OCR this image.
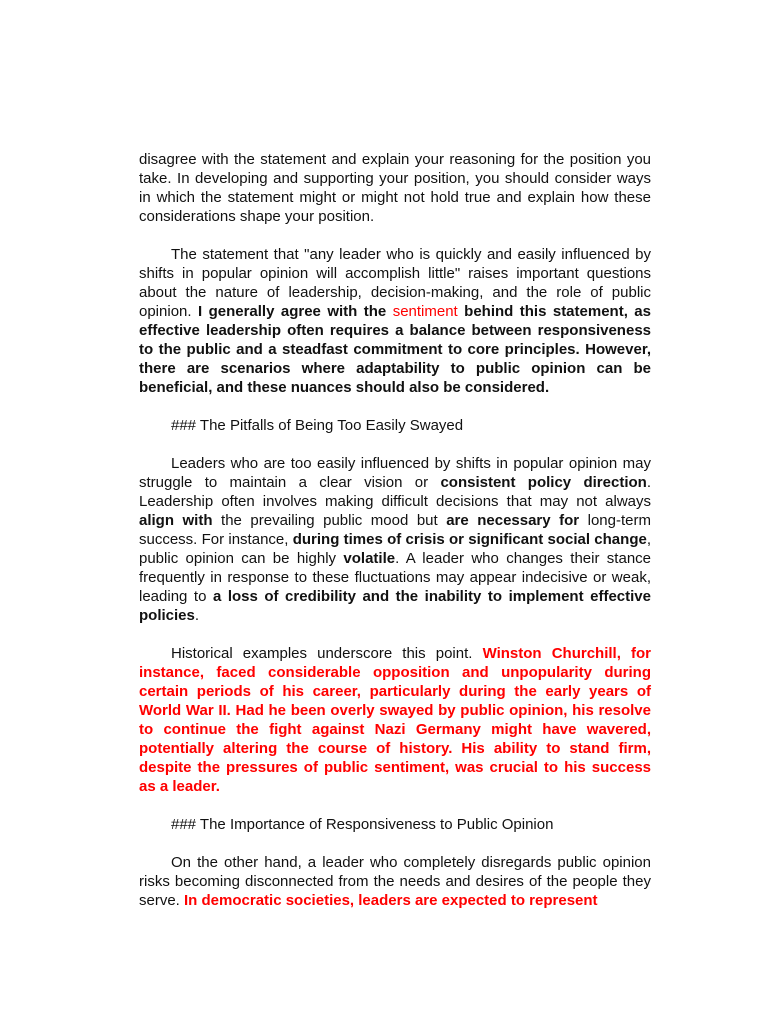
disagree with the statement and explain your reasoning for the position you take. In developing and supporting your position, you should consider ways in which the statement might or might not hold true and explain how these considerations shape your position.

The statement that "any leader who is quickly and easily influenced by shifts in popular opinion will accomplish little" raises important questions about the nature of leadership, decision-making, and the role of public opinion. I generally agree with the sentiment behind this statement, as effective leadership often requires a balance between responsiveness to the public and a steadfast commitment to core principles. However, there are scenarios where adaptability to public opinion can be beneficial, and these nuances should also be considered.

### The Pitfalls of Being Too Easily Swayed

Leaders who are too easily influenced by shifts in popular opinion may struggle to maintain a clear vision or consistent policy direction. Leadership often involves making difficult decisions that may not always align with the prevailing public mood but are necessary for long-term success. For instance, during times of crisis or significant social change, public opinion can be highly volatile. A leader who changes their stance frequently in response to these fluctuations may appear indecisive or weak, leading to a loss of credibility and the inability to implement effective policies.

Historical examples underscore this point. Winston Churchill, for instance, faced considerable opposition and unpopularity during certain periods of his career, particularly during the early years of World War II. Had he been overly swayed by public opinion, his resolve to continue the fight against Nazi Germany might have wavered, potentially altering the course of history. His ability to stand firm, despite the pressures of public sentiment, was crucial to his success as a leader.

### The Importance of Responsiveness to Public Opinion

On the other hand, a leader who completely disregards public opinion risks becoming disconnected from the needs and desires of the people they serve. In democratic societies, leaders are expected to represent
